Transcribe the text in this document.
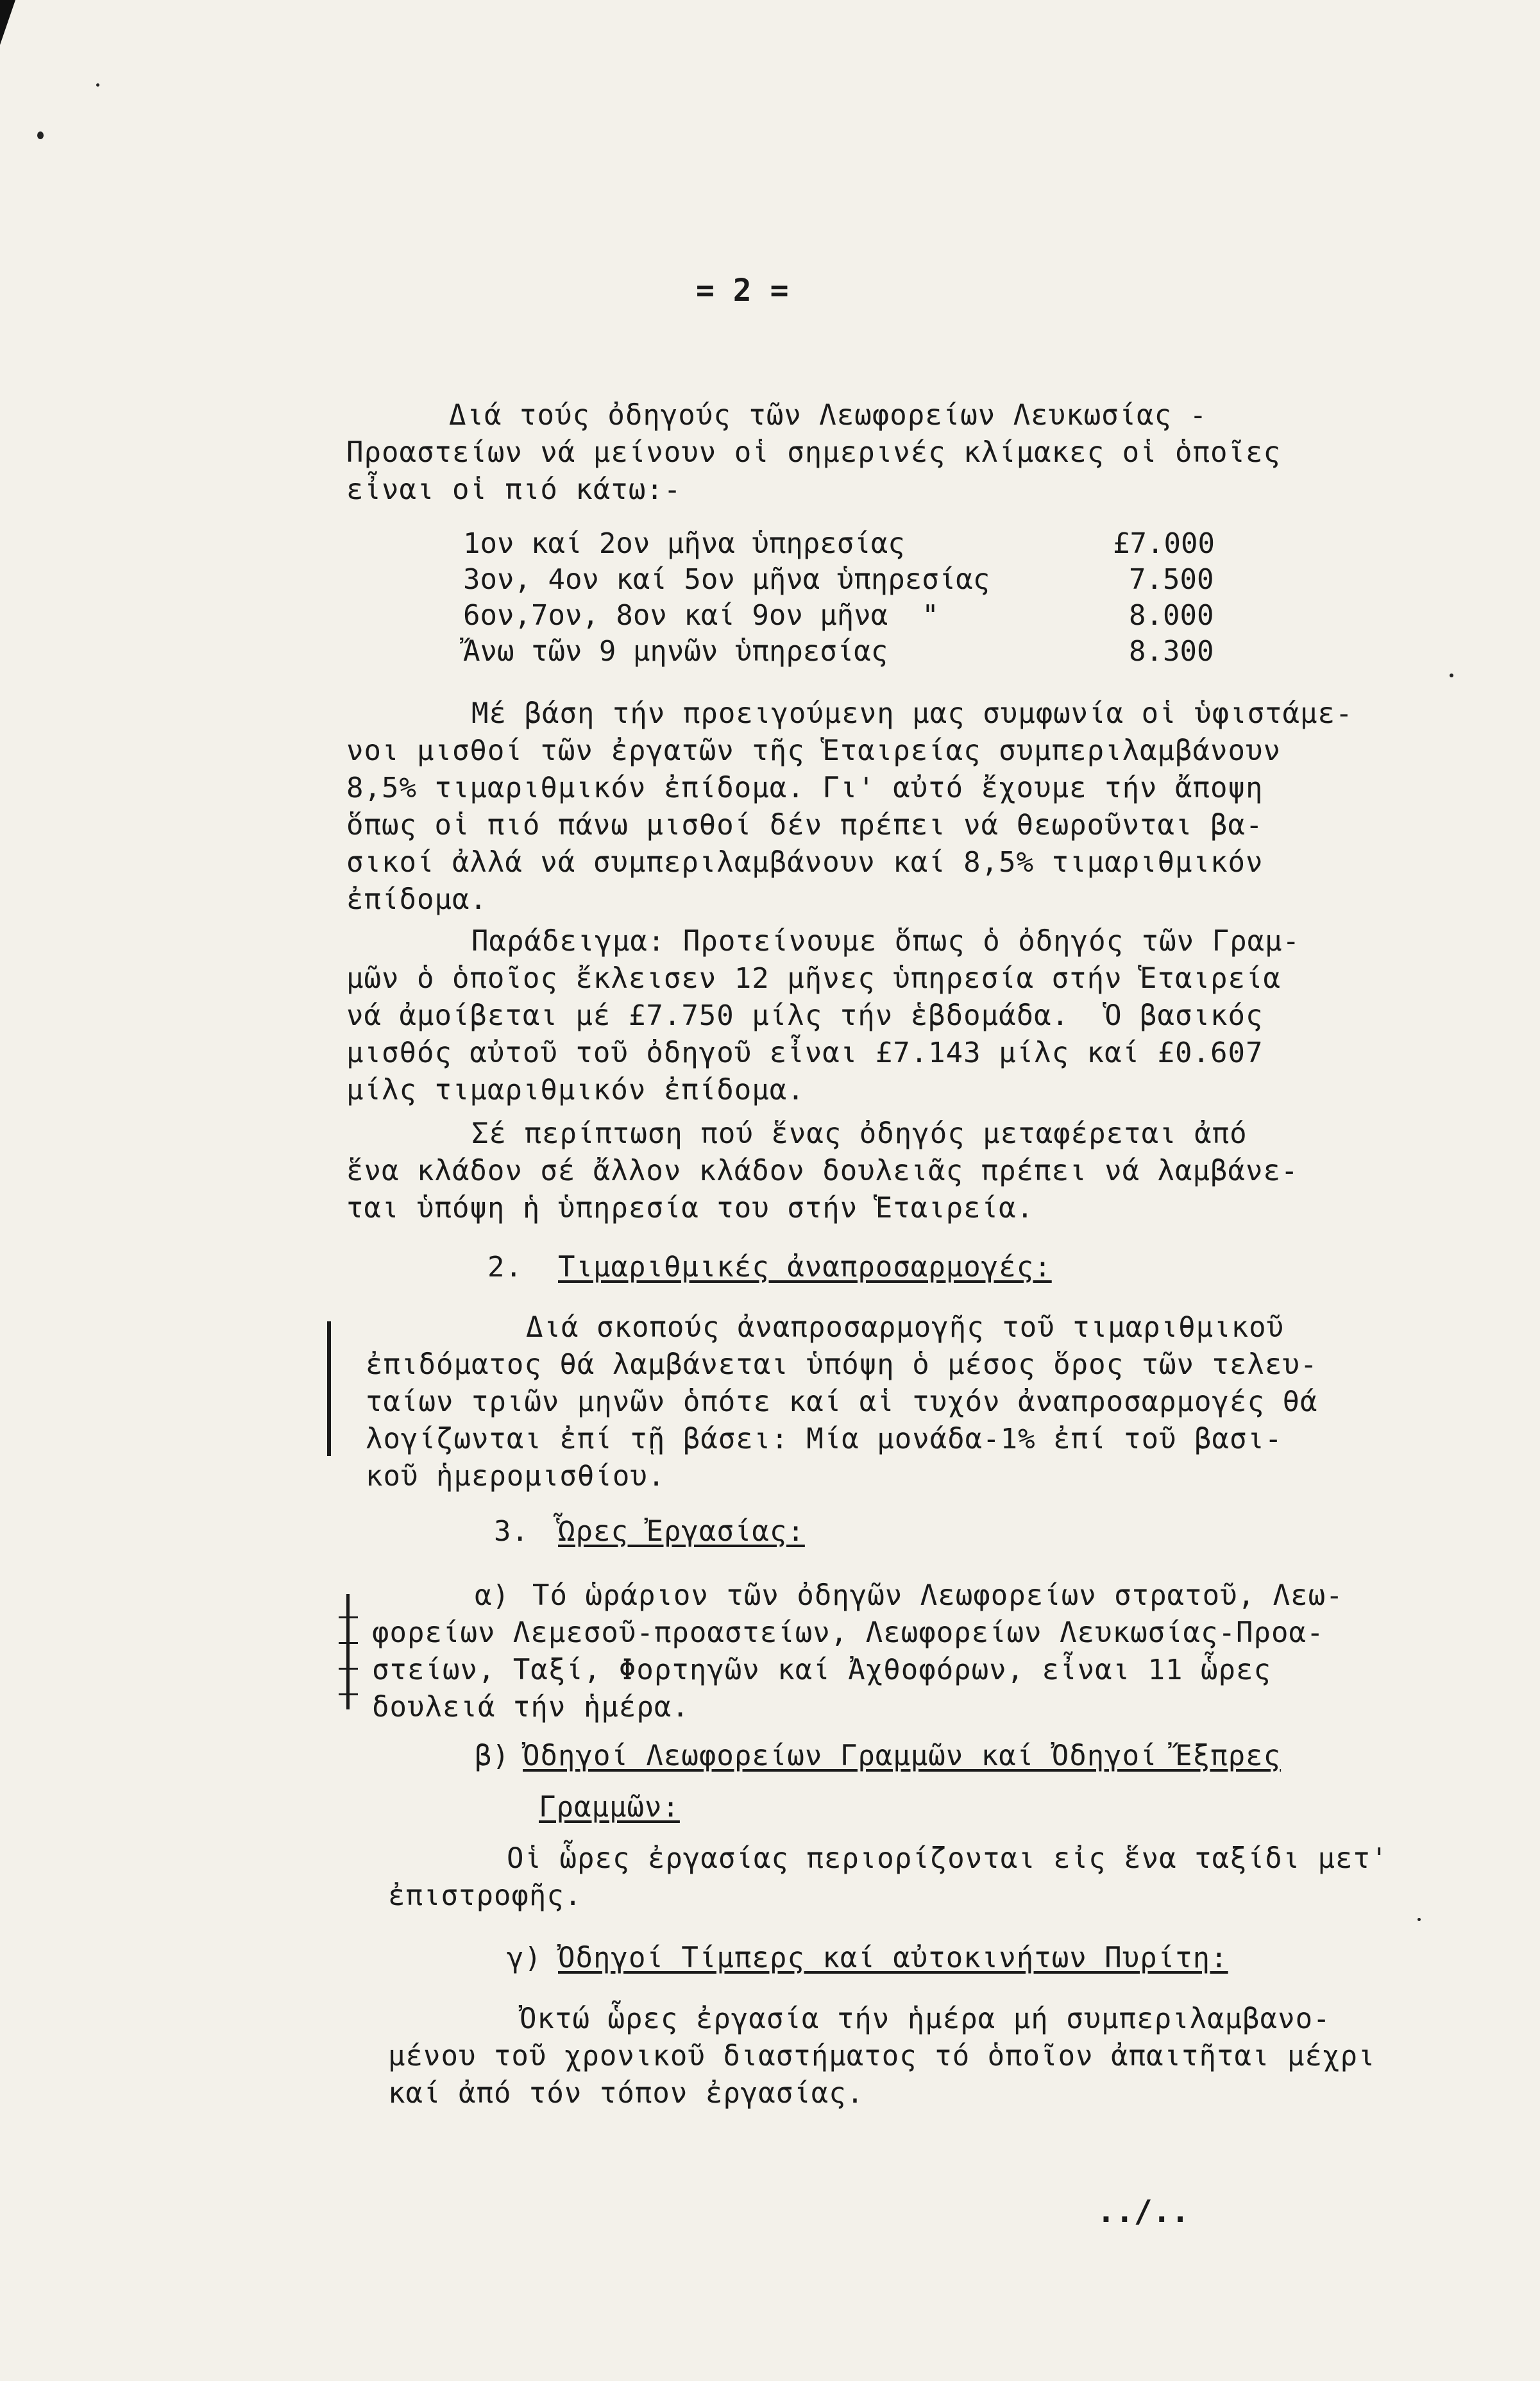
= 2 =
Διά τούς ὀδηγούς τῶν Λεωφορείων Λευκωσίας -
Προαστείων νά μείνουν οἱ σημερινές κλίμακες οἱ ὁποῖες
εἶναι οἱ πιό κάτω:-
1ον καί 2ον μῆνα ὑπηρεσίας	£7.000
3ον, 4ον καί 5ον μῆνα ὑπηρεσίας	7.500
6ον,7ον, 8ον καί 9ον μῆνα  "	8.000
Ἄνω τῶν 9 μηνῶν ὑπηρεσίας	8.300
Μέ βάση τήν προειγούμενη μας συμφωνία οἱ ὑφιστάμε-
νοι μισθοί τῶν ἐργατῶν τῆς Ἑταιρείας συμπεριλαμβάνουν
8,5% τιμαριθμικόν ἐπίδομα. Γι' αὐτό ἔχουμε τήν ἄποψη
ὅπως οἱ πιό πάνω μισθοί δέν πρέπει νά θεωροῦνται βα-
σικοί ἀλλά νά συμπεριλαμβάνουν καί 8,5% τιμαριθμικόν
ἐπίδομα.
Παράδειγμα: Προτείνουμε ὅπως ὁ ὀδηγός τῶν Γραμ-
μῶν ὁ ὁποῖος ἔκλεισεν 12 μῆνες ὑπηρεσία στήν Ἑταιρεία
νά ἀμοίβεται μέ £7.750 μίλς τήν ἑβδομάδα.  Ὁ βασικός
μισθός αὐτοῦ τοῦ ὀδηγοῦ εἶναι £7.143 μίλς καί £0.607
μίλς τιμαριθμικόν ἐπίδομα.
Σέ περίπτωση πού ἕνας ὀδηγός μεταφέρεται ἀπό
ἕνα κλάδον σέ ἄλλον κλάδον δουλειᾶς πρέπει νά λαμβάνε-
ται ὑπόψη ἡ ὑπηρεσία του στήν Ἑταιρεία.
2. Τιμαριθμικές ἀναπροσαρμογές:
Διά σκοπούς ἀναπροσαρμογῆς τοῦ τιμαριθμικοῦ
ἐπιδόματος θά λαμβάνεται ὑπόψη ὁ μέσος ὅρος τῶν τελευ-
ταίων τριῶν μηνῶν ὁπότε καί αἱ τυχόν ἀναπροσαρμογές θά
λογίζωνται ἐπί τῇ βάσει: Μία μονάδα-1% ἐπί τοῦ βασι-
κοῦ ἡμερομισθίου.
3. Ὧρες Ἐργασίας:
α) Τό ὡράριον τῶν ὀδηγῶν Λεωφορείων στρατοῦ, Λεω-
φορείων Λεμεσοῦ-προαστείων, Λεωφορείων Λευκωσίας-Προα-
στείων, Ταξί, Φορτηγῶν καί Ἀχθοφόρων, εἶναι 11 ὧρες
δουλειά τήν ἡμέρα.
β) Ὀδηγοί Λεωφορείων Γραμμῶν καί Ὀδηγοί Ἔξπρες
Γραμμῶν:
Οἱ ὧρες ἐργασίας περιορίζονται εἰς ἕνα ταξίδι μετ'
ἐπιστροφῆς.
γ) Ὀδηγοί Τίμπερς καί αὐτοκινήτων Πυρίτη:
Ὀκτώ ὧρες ἐργασία τήν ἡμέρα μή συμπεριλαμβανο-
μένου τοῦ χρονικοῦ διαστήματος τό ὁποῖον ἀπαιτῆται μέχρι
καί ἀπό τόν τόπον ἐργασίας.
../..
